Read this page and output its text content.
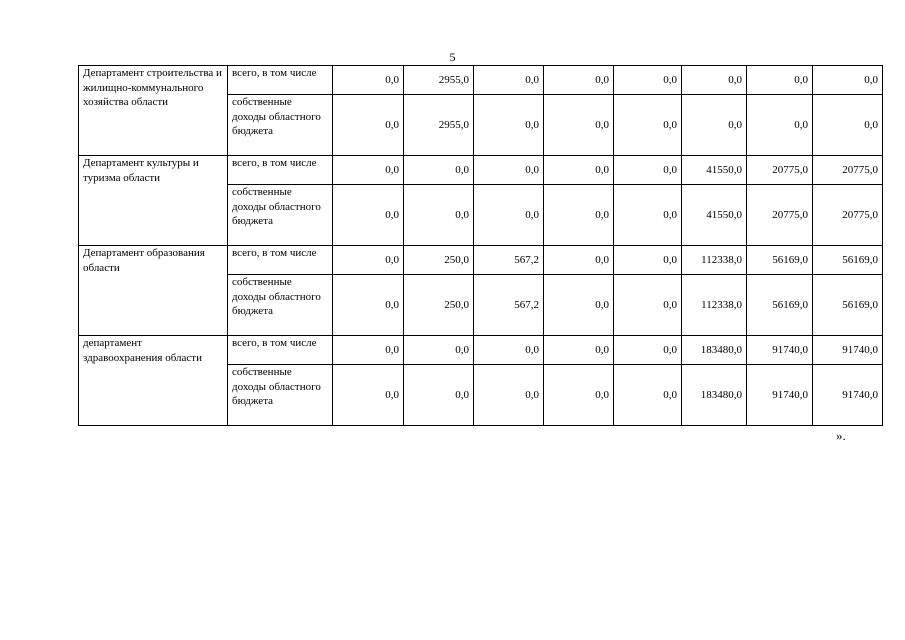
5
Департамент строительства и жилищно-коммунального хозяйства области	всего, в том числе	0,0	2955,0	0,0	0,0	0,0	0,0	0,0	0,0
	собственные доходы областного бюджета	0,0	2955,0	0,0	0,0	0,0	0,0	0,0	0,0
Департамент культуры и туризма области	всего, в том числе	0,0	0,0	0,0	0,0	0,0	41550,0	20775,0	20775,0
	собственные доходы областного бюджета	0,0	0,0	0,0	0,0	0,0	41550,0	20775,0	20775,0
Департамент образования области	всего, в том числе	0,0	250,0	567,2	0,0	0,0	112338,0	56169,0	56169,0
	собственные доходы областного бюджета	0,0	250,0	567,2	0,0	0,0	112338,0	56169,0	56169,0
департамент здравоохранения области	всего, в том числе	0,0	0,0	0,0	0,0	0,0	183480,0	91740,0	91740,0
	собственные доходы областного бюджета	0,0	0,0	0,0	0,0	0,0	183480,0	91740,0	91740,0
».
